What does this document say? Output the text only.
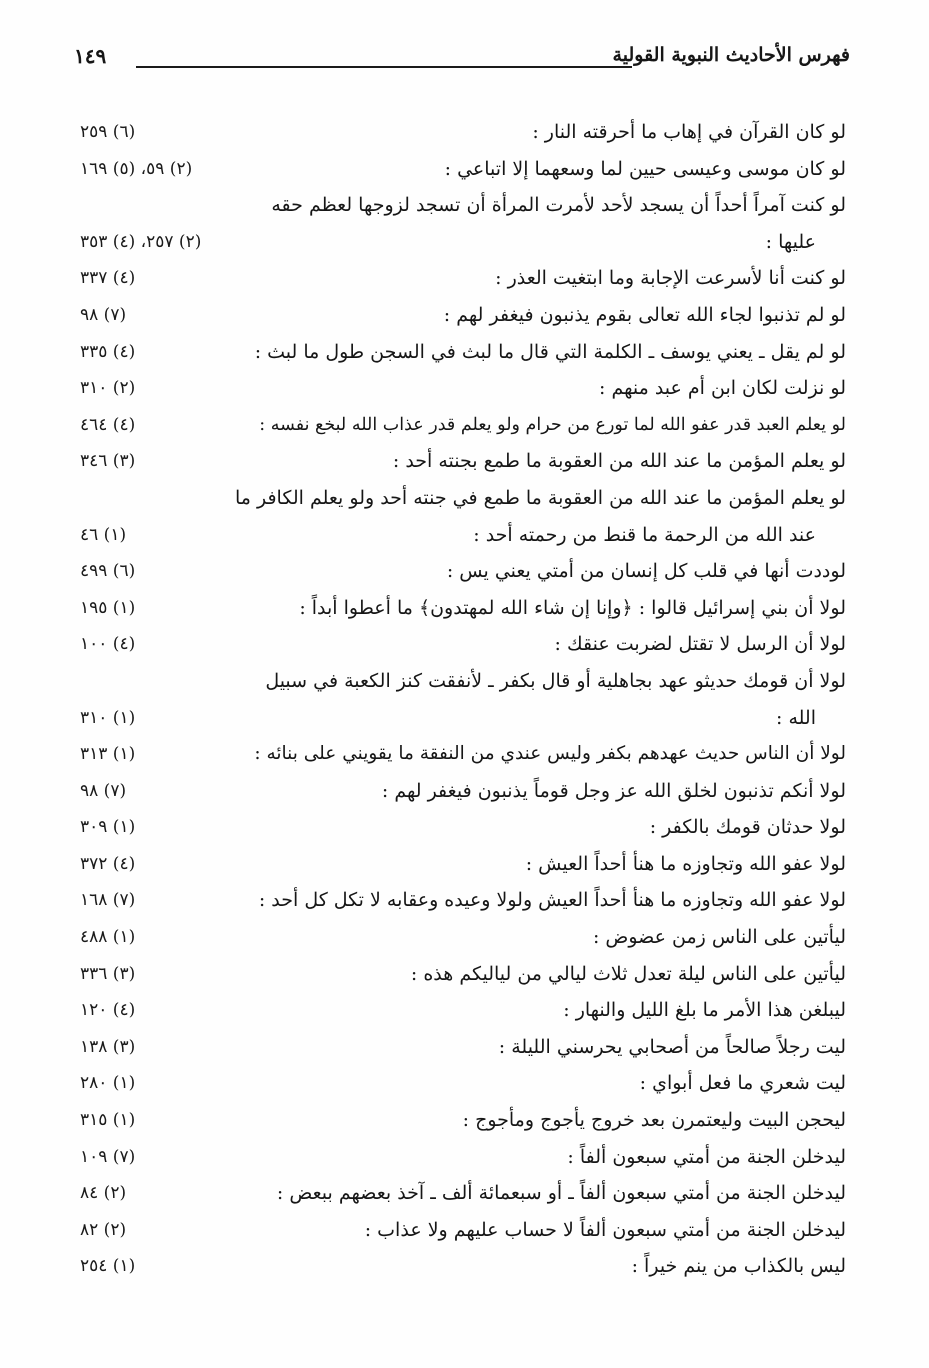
فهرس الأحاديث النبوية القولية
١٤٩
لو كان القرآن في إهاب ما أحرقته النار :
(٦) ٢٥٩
لو كان موسى وعيسى حيين لما وسعهما إلا اتباعي :
(٢) ٥٩، (٥) ١٦٩
لو كنت آمراً أحداً أن يسجد لأحد لأمرت المرأة أن تسجد لزوجها لعظم حقه
عليها :
(٢) ٢٥٧، (٤) ٣٥٣
لو كنت أنا لأسرعت الإجابة وما ابتغيت العذر :
(٤) ٣٣٧
لو لم تذنبوا لجاء الله تعالى بقوم يذنبون فيغفر لهم :
(٧) ٩٨
لو لم يقل ـ يعني يوسف ـ الكلمة التي قال ما لبث في السجن طول ما لبث :
(٤) ٣٣٥
لو نزلت لكان ابن أم عبد منهم :
(٢) ٣١٠
لو يعلم العبد قدر عفو الله لما تورع من حرام ولو يعلم قدر عذاب الله لبخع نفسه :
(٤) ٤٦٤
لو يعلم المؤمن ما عند الله من العقوبة ما طمع بجنته أحد :
(٣) ٣٤٦
لو يعلم المؤمن ما عند الله من العقوبة ما طمع في جنته أحد ولو يعلم الكافر ما
عند الله من الرحمة ما قنط من رحمته أحد :
(١) ٤٦
لوددت أنها في قلب كل إنسان من أمتي يعني يس :
(٦) ٤٩٩
لولا أن بني إسرائيل قالوا : ﴿وإنا إن شاء الله لمهتدون﴾ ما أعطوا أبداً :
(١) ١٩٥
لولا أن الرسل لا تقتل لضربت عنقك :
(٤) ١٠٠
لولا أن قومك حديثو عهد بجاهلية أو قال بكفر ـ لأنفقت كنز الكعبة في سبيل
الله :
(١) ٣١٠
لولا أن الناس حديث عهدهم بكفر وليس عندي من النفقة ما يقويني على بنائه :
(١) ٣١٣
لولا أنكم تذنبون لخلق الله عز وجل قوماً يذنبون فيغفر لهم :
(٧) ٩٨
لولا حدثان قومك بالكفر :
(١) ٣٠٩
لولا عفو الله وتجاوزه ما هنأ أحداً العيش :
(٤) ٣٧٢
لولا عفو الله وتجاوزه ما هنأ أحداً العيش ولولا وعيده وعقابه لا تكل كل أحد :
(٧) ١٦٨
ليأتين على الناس زمن عضوض :
(١) ٤٨٨
ليأتين على الناس ليلة تعدل ثلاث ليالي من لياليكم هذه :
(٣) ٣٣٦
ليبلغن هذا الأمر ما بلغ الليل والنهار :
(٤) ١٢٠
ليت رجلاً صالحاً من أصحابي يحرسني الليلة :
(٣) ١٣٨
ليت شعري ما فعل أبواي :
(١) ٢٨٠
ليحجن البيت وليعتمرن بعد خروج يأجوج ومأجوج :
(١) ٣١٥
ليدخلن الجنة من أمتي سبعون ألفاً :
(٧) ١٠٩
ليدخلن الجنة من أمتي سبعون ألفاً ـ أو سبعمائة ألف ـ آخذ بعضهم ببعض :
(٢) ٨٤
ليدخلن الجنة من أمتي سبعون ألفاً لا حساب عليهم ولا عذاب :
(٢) ٨٢
ليس بالكذاب من ينم خيراً :
(١) ٢٥٤
